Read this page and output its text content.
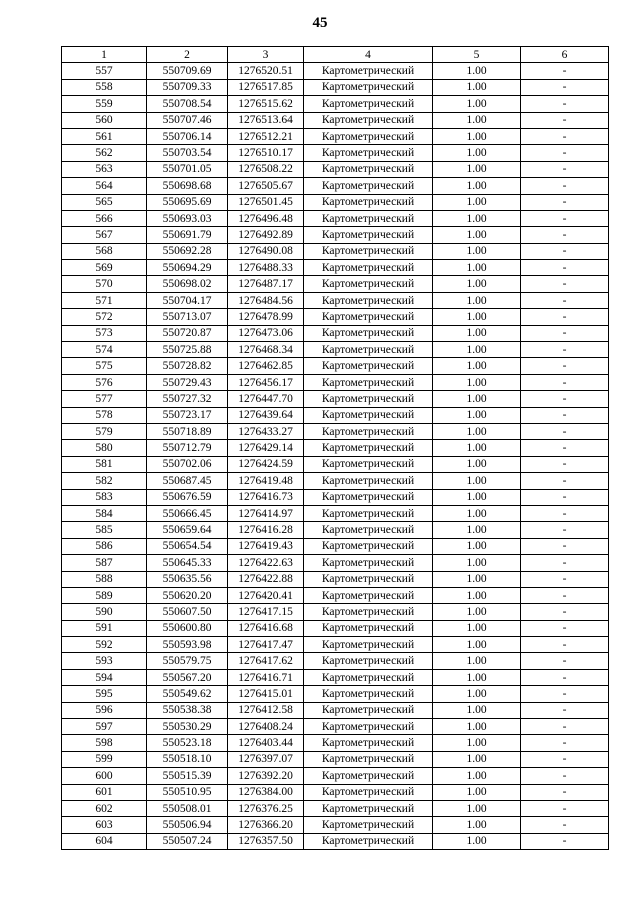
45
1	2	3	4	5	6
557	550709.69	1276520.51	Картометрический	1.00	-
558	550709.33	1276517.85	Картометрический	1.00	-
559	550708.54	1276515.62	Картометрический	1.00	-
560	550707.46	1276513.64	Картометрический	1.00	-
561	550706.14	1276512.21	Картометрический	1.00	-
562	550703.54	1276510.17	Картометрический	1.00	-
563	550701.05	1276508.22	Картометрический	1.00	-
564	550698.68	1276505.67	Картометрический	1.00	-
565	550695.69	1276501.45	Картометрический	1.00	-
566	550693.03	1276496.48	Картометрический	1.00	-
567	550691.79	1276492.89	Картометрический	1.00	-
568	550692.28	1276490.08	Картометрический	1.00	-
569	550694.29	1276488.33	Картометрический	1.00	-
570	550698.02	1276487.17	Картометрический	1.00	-
571	550704.17	1276484.56	Картометрический	1.00	-
572	550713.07	1276478.99	Картометрический	1.00	-
573	550720.87	1276473.06	Картометрический	1.00	-
574	550725.88	1276468.34	Картометрический	1.00	-
575	550728.82	1276462.85	Картометрический	1.00	-
576	550729.43	1276456.17	Картометрический	1.00	-
577	550727.32	1276447.70	Картометрический	1.00	-
578	550723.17	1276439.64	Картометрический	1.00	-
579	550718.89	1276433.27	Картометрический	1.00	-
580	550712.79	1276429.14	Картометрический	1.00	-
581	550702.06	1276424.59	Картометрический	1.00	-
582	550687.45	1276419.48	Картометрический	1.00	-
583	550676.59	1276416.73	Картометрический	1.00	-
584	550666.45	1276414.97	Картометрический	1.00	-
585	550659.64	1276416.28	Картометрический	1.00	-
586	550654.54	1276419.43	Картометрический	1.00	-
587	550645.33	1276422.63	Картометрический	1.00	-
588	550635.56	1276422.88	Картометрический	1.00	-
589	550620.20	1276420.41	Картометрический	1.00	-
590	550607.50	1276417.15	Картометрический	1.00	-
591	550600.80	1276416.68	Картометрический	1.00	-
592	550593.98	1276417.47	Картометрический	1.00	-
593	550579.75	1276417.62	Картометрический	1.00	-
594	550567.20	1276416.71	Картометрический	1.00	-
595	550549.62	1276415.01	Картометрический	1.00	-
596	550538.38	1276412.58	Картометрический	1.00	-
597	550530.29	1276408.24	Картометрический	1.00	-
598	550523.18	1276403.44	Картометрический	1.00	-
599	550518.10	1276397.07	Картометрический	1.00	-
600	550515.39	1276392.20	Картометрический	1.00	-
601	550510.95	1276384.00	Картометрический	1.00	-
602	550508.01	1276376.25	Картометрический	1.00	-
603	550506.94	1276366.20	Картометрический	1.00	-
604	550507.24	1276357.50	Картометрический	1.00	-
